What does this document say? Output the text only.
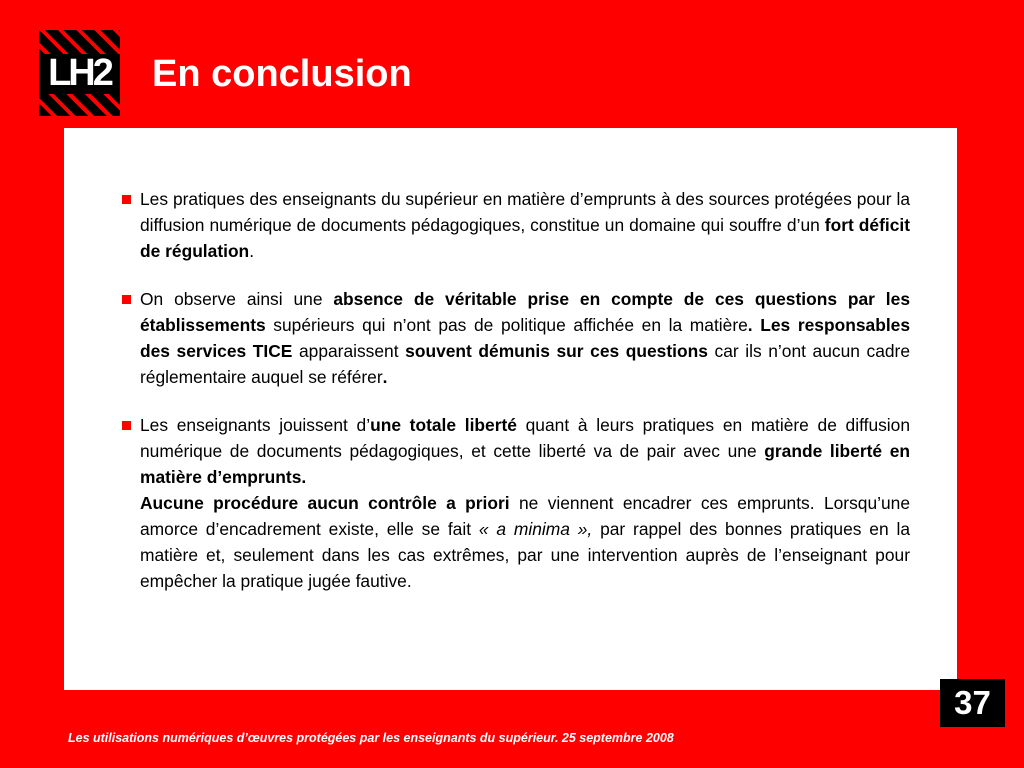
LH2 En conclusion

Les pratiques des enseignants du supérieur en matière d’emprunts à des sources protégées pour la diffusion numérique de documents pédagogiques, constitue un domaine qui souffre d’un fort déficit de régulation.

On observe ainsi une absence de véritable prise en compte de ces questions par les établissements supérieurs qui n’ont pas de politique affichée en la matière. Les responsables des services TICE apparaissent souvent démunis sur ces questions car ils n’ont aucun cadre réglementaire auquel se référer.

Les enseignants jouissent d’une totale liberté quant à leurs pratiques en matière de diffusion numérique de documents pédagogiques, et cette liberté va de pair avec une grande liberté en matière d’emprunts.

Aucune procédure aucun contrôle a priori ne viennent encadrer ces emprunts. Lorsqu’une amorce d’encadrement existe, elle se fait « a minima », par rappel des bonnes pratiques en la matière et, seulement dans les cas extrêmes, par une intervention auprès de l’enseignant pour empêcher la pratique jugée fautive.

37
Les utilisations numériques d’œuvres protégées par les enseignants du supérieur. 25 septembre 2008
